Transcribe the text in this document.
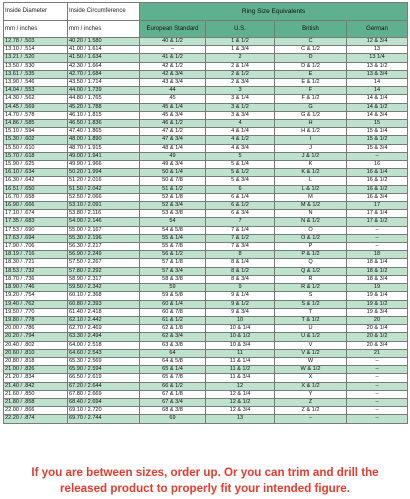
Inside Diameter	Inside Circumference	Ring Size Equivalents			
mm / inches	mm / inches	European Standard	U.S.	British	German
12.78 / .503	40.20 / 1.580	40 & 1/2	1 & 1/2	C	12 & 3/4
13.10 / .514	41.00 / 1.614	–	1 & 3/4	C & 1/2	13
13.21 / .520	41.50 / 1.634	41 & 1/2	2	D	13 1/4
13.50 / .530	42.30 / 1.664	42 & 1/2	2 & 1/4	D & 1/2	13 & 1/2
13.61 / .535	42.70 / 1.684	42 & 3/4	2 & 1/2	E	13 & 3/4
13.90 / .546	43.50 / 1.714	43 & 3/4	2 & 3/4	E & 1/2	14
14.04 / .553	44.00 / 1.739	44	3	F	14
14.30 / .562	44.80 / 1.765	45	3 & 1/4	F & 1/2	14 & 1/4
14.45 / .569	45.20 / 1.788	45 & 1/4	3 & 1/2	G	14 & 1/2
14.70 / .578	46.10 / 1.815	45 & 3/4	3 & 3/4	G & 1/2	14 & 3/4
14.86 / .585	46.50 / 1.836	46 & 1/2	4	H	15
15.10 / .594	47.40 / 1.865	47 & 1/2	4 & 1/4	H & 1/2	15 & 1/4
15.30 / .602	48.00 / 1.890	47 & 3/4	4 & 1/2	I	15 & 1/2
15.50 / .610	48.70 / 1.915	48 & 1/4	4 & 3/4	J	15 & 3/4
15.70 / .618	49.00 / 1.941	49	5	J & 1/2	–
15.90 / .625	49.90 / 1.966	49 & 3/4	5 & 1/4	K	16
16.10 / .634	50.20 / 1.994	50 & 1/4	5 & 1/2	K & 1/2	16 & 1/4
16.30 / .642	51.20 / 2.016	50 & 7/8	5 & 3/4	L	16 & 1/2
16.51 / .650	51.50 / 2.042	51 & 1/2	6	L & 1/2	16 & 1/2
16.70 / .658	52.50 / 2.066	52 & 1/8	6 & 1/4	M	16 & 3/4
16.90 / .666	53.10 / 2.091	52 & 3/4	6 & 1/2	M & 1/2	17
17.10 / .674	53.80 / 2.116	53 & 3/8	6 & 3/4	N	17 & 1/4
17.35 / .683	54.00 / 2.146	54	7	N & 1/2	17 & 1/2
17.53 / .690	55.00 / 2.167	54 & 5/8	7 & 1/4	O	–
17.63 / .694	55.30 / 2.196	55 & 1/4	7 & 1/2	O & 1/2	–
17.90 / .706	56.30 / 2.217	55 & 7/8	7 & 3/4	P	–
18.19 / .716	56.90 / 2.249	56 & 1/2	8	P & 1/2	18
18.30 / .721	57.50 / 2.267	57 & 1/8	8 & 1/4	Q	18 & 1/4
18.53 / .732	57.80 / 2.292	57 & 3/4	8 & 1/2	Q & 1/2	18 & 1/2
18.70 / .736	58.90 / 2.317	58 & 3/8	8 & 3/4	R	18 & 3/4
18.90 / .746	59.50 / 2.342	59	9	R & 1/2	19
19.20 / .754	60.10 / 2.368	59 & 5/8	9 & 1/4	S	19 & 1/4
19.40 / .762	60.80 / 2.393	60 & 1/4	9 & 1/2	S & 1/2	19 & 1/2
19.50 / .770	61.40 / 2.418	60 & 7/8	9 & 3/4	T	19 & 3/4
19.80 / .778	62.10 / 2.442	61 & 1/2	10	T & 1/2	20
20.00 / .786	62.70 / 2.469	62 & 1/8	10 & 1/4	U	20 & 1/4
20.20 / .794	63.30 / 2.494	62 & 3/4	10 & 1/2	U & 1/2	20 & 1/2
20.40 / .802	64.00 / 2.518	63 & 3/8	10 & 3/4	V	20 & 3/4
20.60 / .810	64.60 / 2.543	64	11	V & 1/2	21
20.80 / .818	65.30 / 2.569	64 & 5/8	11 & 1/4	W	–
21.00 / .826	65.90 / 2.594	65 & 1/4	11 & 1/2	W & 1/2	–
21.20 / .834	66.50 / 2.619	65 & 7/8	11 & 3/4	X	–
21.40 / .842	67.20 / 2.644	66 & 1/2	12	X & 1/2	–
21.60 / .850	67.80 / 2.669	67 & 1/8	12 & 1/4	Y	–
21.80 / .858	68.40 / 2.694	67 & 3/4	12 & 1/2	Z	–
22.00 / .866	69.10 / 2.720	68 & 3/8	12 & 3/4	Z & 1/2	–
22.20 / .874	69.70 / 2.744	69	13	–	–
If you are between sizes, order up. Or you can trim and drill the
released product to properly fit your intended figure.
